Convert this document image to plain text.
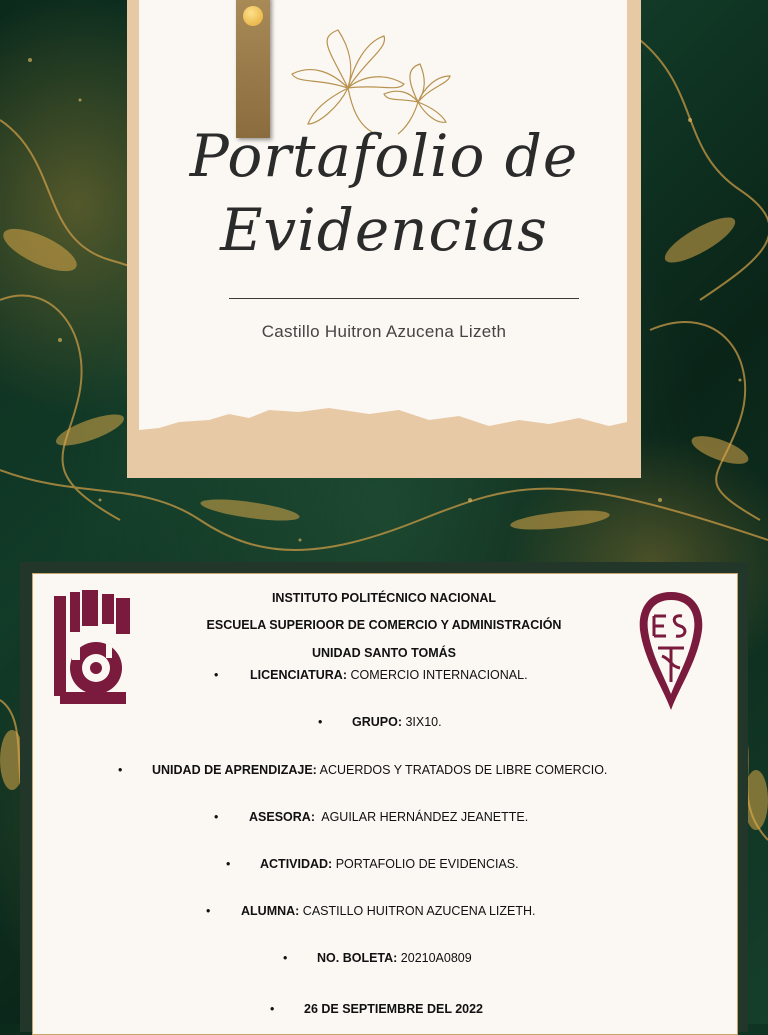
Portafolio de
Evidencias
Castillo Huitron Azucena Lizeth
INSTITUTO POLITÉCNICO NACIONAL
ESCUELA SUPERIOOR DE COMERCIO Y ADMINISTRACIÓN
UNIDAD SANTO TOMÁS
•	LICENCIATURA: COMERCIO INTERNACIONAL.
• GRUPO: 3IX10.
• UNIDAD DE APRENDIZAJE: ACUERDOS Y TRATADOS DE LIBRE COMERCIO.
• ASESORA:  AGUILAR HERNÁNDEZ JEANETTE.
• ACTIVIDAD: PORTAFOLIO DE EVIDENCIAS.
• ALUMNA: CASTILLO HUITRON AZUCENA LIZETH.
• NO. BOLETA: 20210A0809
• 26 DE SEPTIEMBRE DEL 2022
